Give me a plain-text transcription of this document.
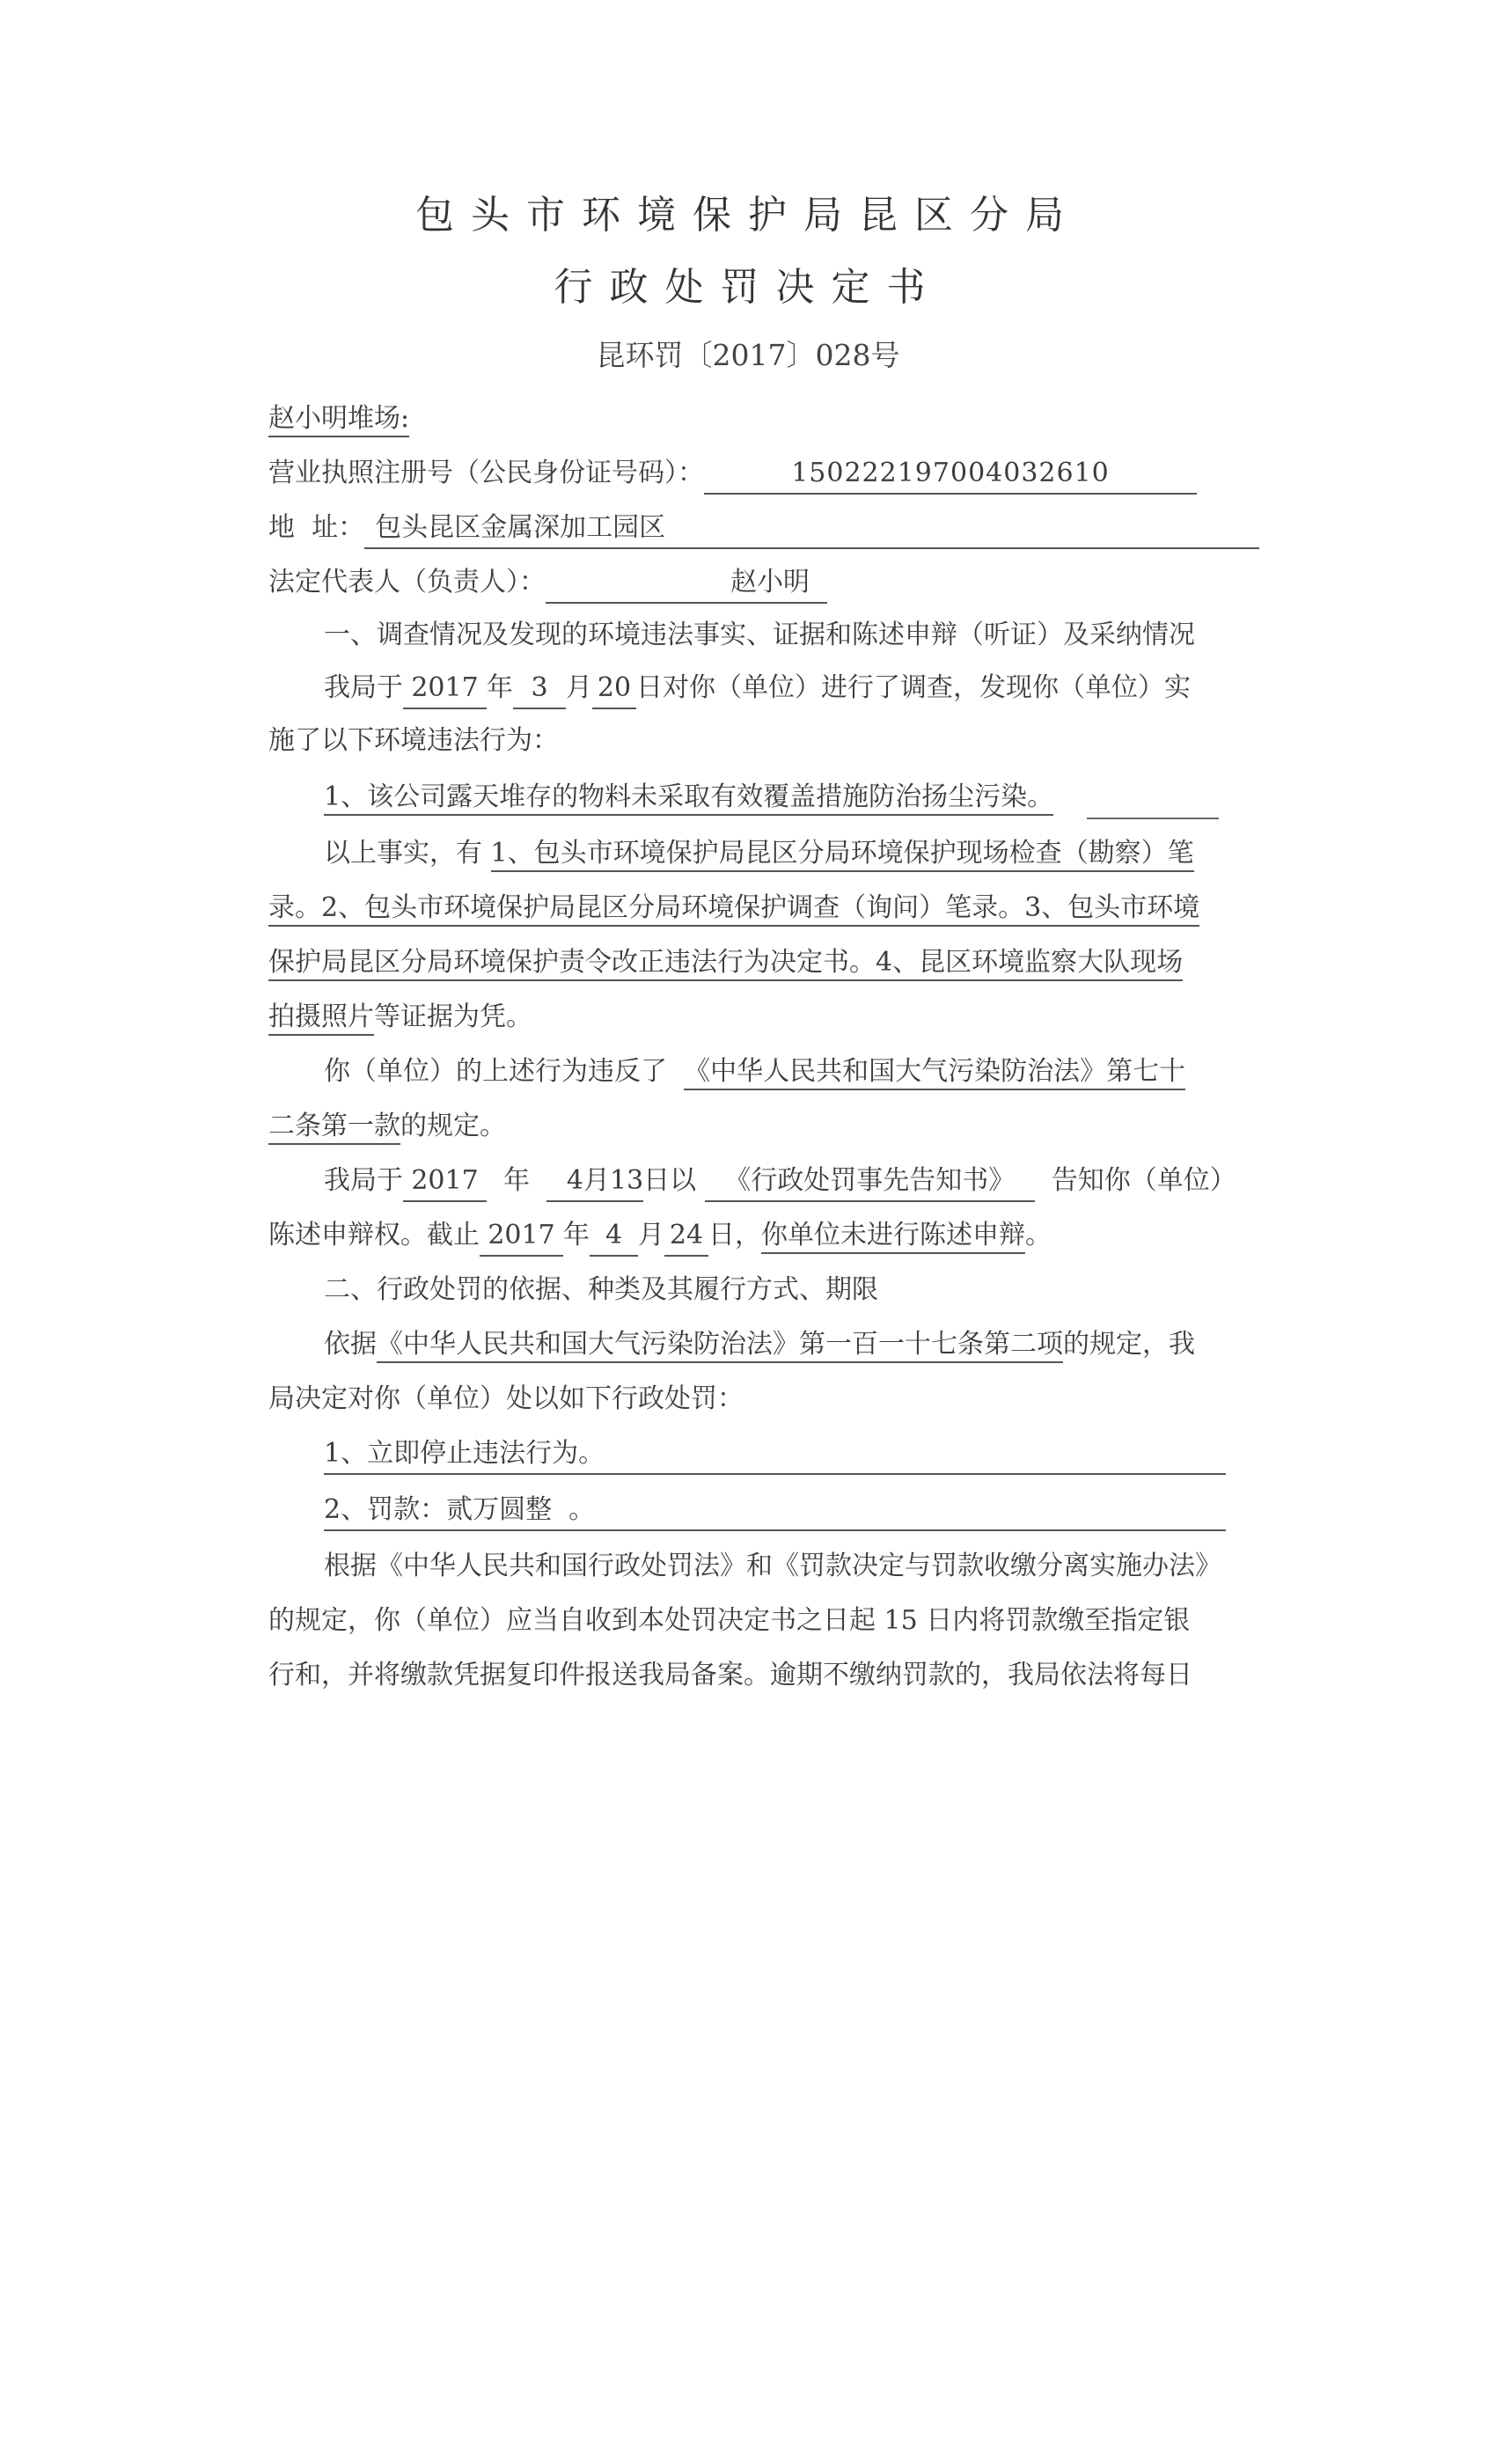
包头市环境保护局昆区分局
行政处罚决定书
昆环罚〔2017〕028号
赵小明堆场:
营业执照注册号（公民身份证号码）：	150222197004032610
地  址： 包头昆区金属深加工园区
法定代表人（负责人）：	赵小明
一、调查情况及发现的环境违法事实、证据和陈述申辩（听证）及采纳情况
我局于 2017 年 3 月 20 日对你（单位）进行了调查，发现你（单位）实
施了以下环境违法行为：
1、该公司露天堆存的物料未采取有效覆盖措施防治扬尘污染。
以上事实，有 1、包头市环境保护局昆区分局环境保护现场检查（勘察）笔
录。2、包头市环境保护局昆区分局环境保护调查（询问）笔录。3、包头市环境
保护局昆区分局环境保护责令改正违法行为决定书。4、昆区环境监察大队现场
拍摄照片等证据为凭。
你（单位）的上述行为违反了 《中华人民共和国大气污染防治法》第七十
二条第一款的规定。
我局于 2017 年 4月13日以 《行政处罚事先告知书》 告知你（单位）
陈述申辩权。截止 2017 年 4 月 24 日，你单位未进行陈述申辩。
二、行政处罚的依据、种类及其履行方式、期限
依据《中华人民共和国大气污染防治法》第一百一十七条第二项的规定，我
局决定对你（单位）处以如下行政处罚：
1、立即停止违法行为。
2、罚款：贰万圆整 。
根据《中华人民共和国行政处罚法》和《罚款决定与罚款收缴分离实施办法》
的规定，你（单位）应当自收到本处罚决定书之日起 15 日内将罚款缴至指定银
行和，并将缴款凭据复印件报送我局备案。逾期不缴纳罚款的，我局依法将每日
